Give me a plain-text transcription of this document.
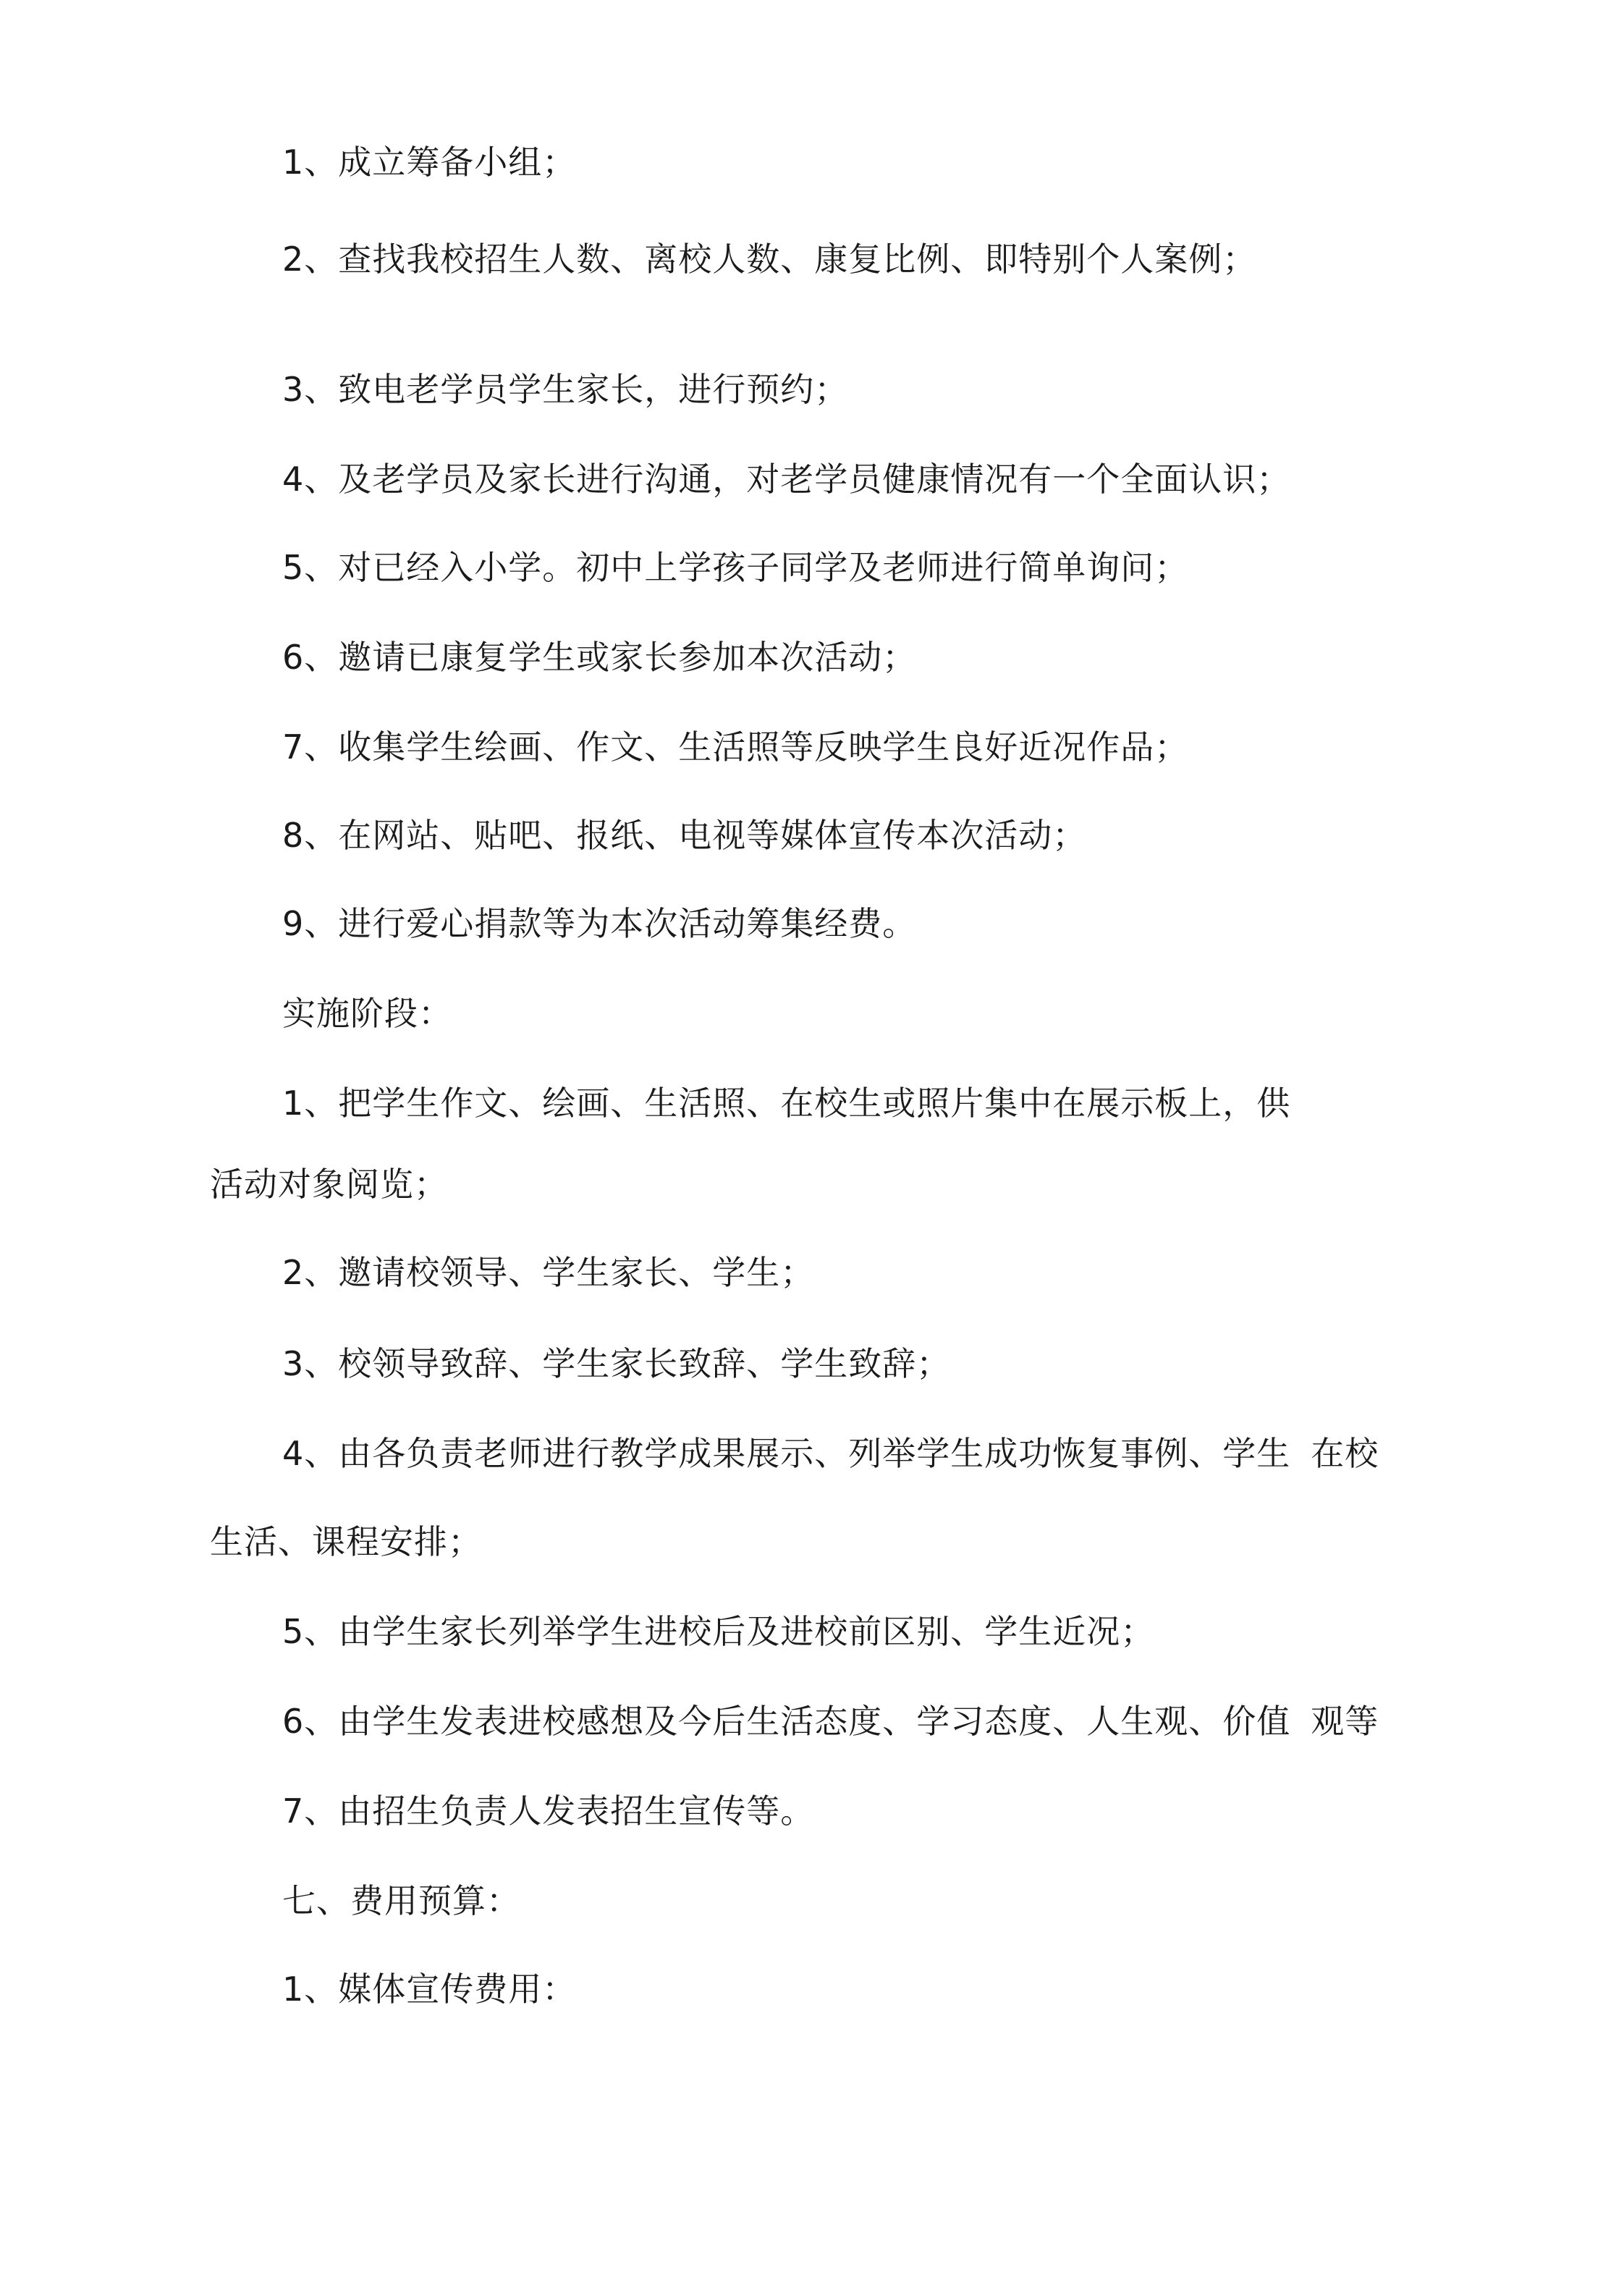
1、成立筹备小组；
2、查找我校招生人数、离校人数、康复比例、即特别个人案例；
3、致电老学员学生家长，进行预约；
4、及老学员及家长进行沟通，对老学员健康情况有一个全面认识；
5、对已经入小学。初中上学孩子同学及老师进行简单询问；
6、邀请已康复学生或家长参加本次活动；
7、收集学生绘画、作文、生活照等反映学生良好近况作品；
8、在网站、贴吧、报纸、电视等媒体宣传本次活动；
9、进行爱心捐款等为本次活动筹集经费。
实施阶段：
1、把学生作文、绘画、生活照、在校生或照片集中在展示板上，供
活动对象阅览；
2、邀请校领导、学生家长、学生；
3、校领导致辞、学生家长致辞、学生致辞；
4、由各负责老师进行教学成果展示、列举学生成功恢复事例、学生 在校
生活、课程安排；
5、由学生家长列举学生进校后及进校前区别、学生近况；
6、由学生发表进校感想及今后生活态度、学习态度、人生观、价值 观等
7、由招生负责人发表招生宣传等。
七、费用预算：
1、媒体宣传费用：
